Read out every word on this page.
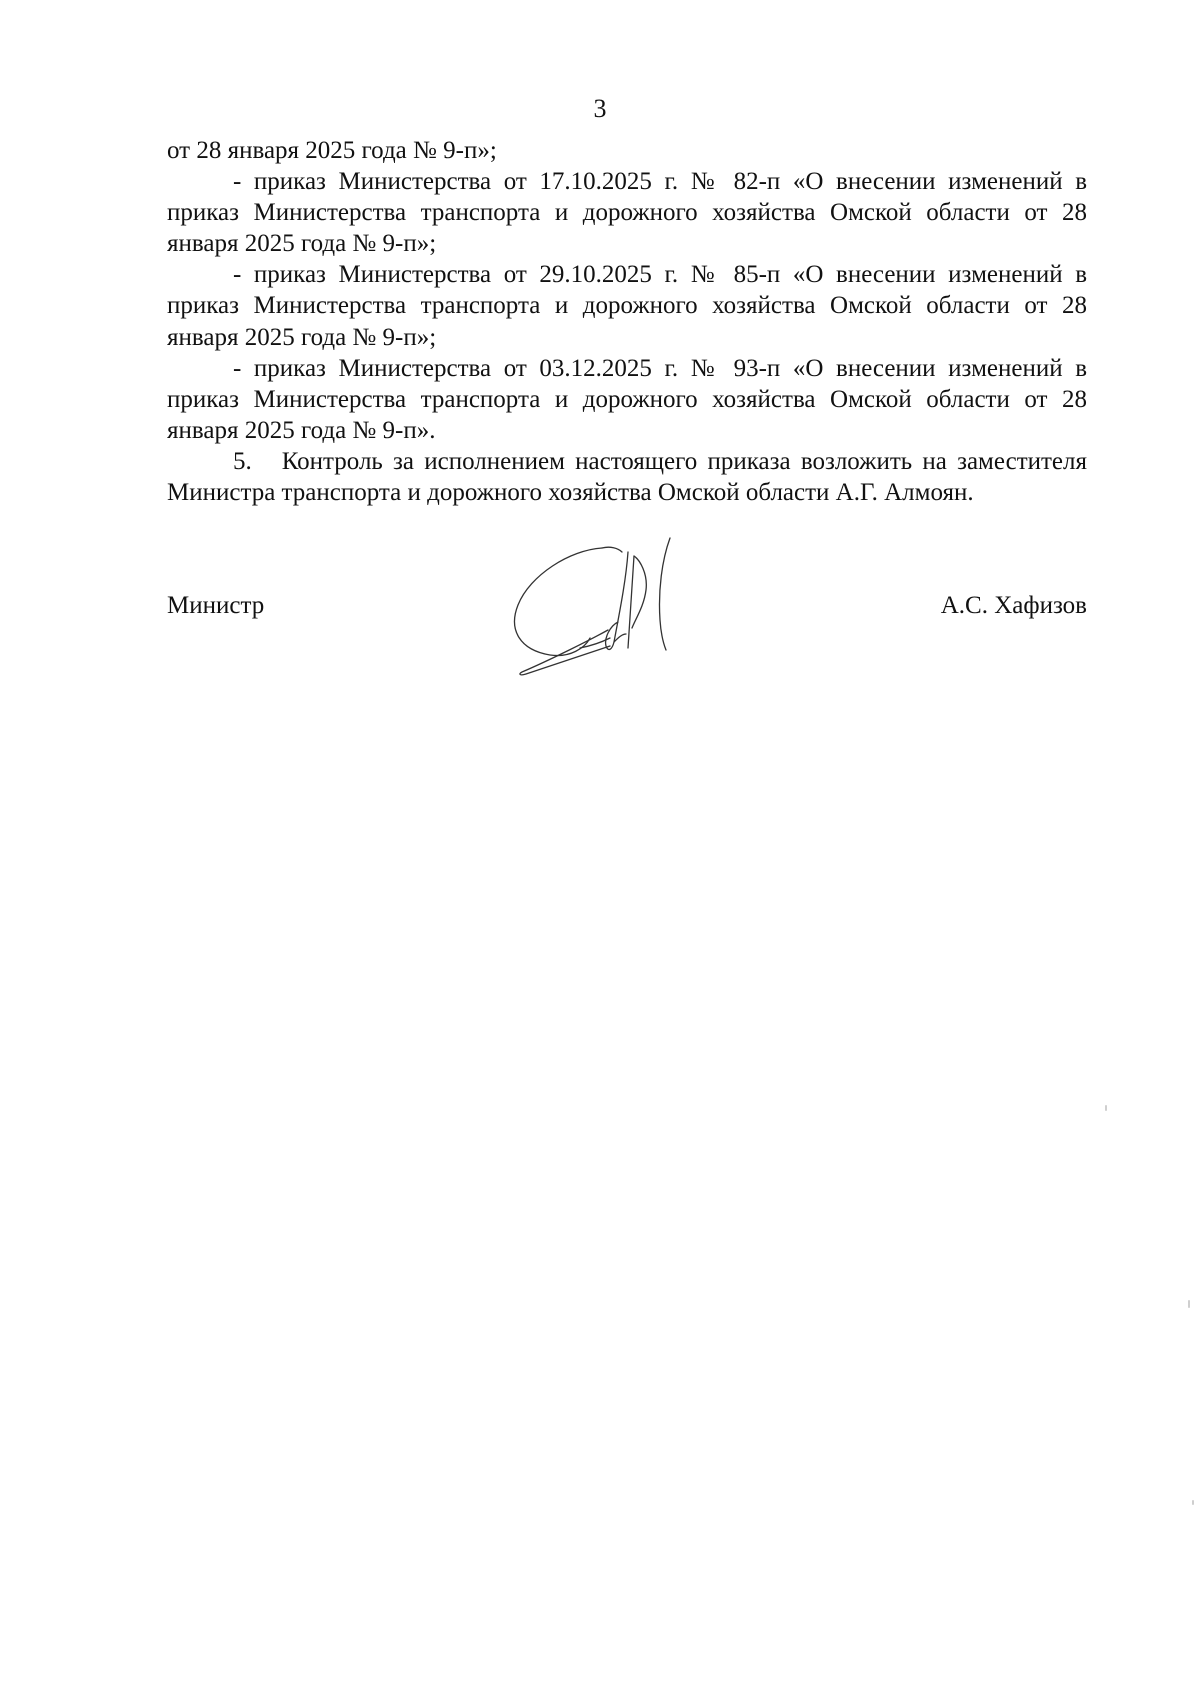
3

от 28 января 2025 года № 9-п»;

- приказ Министерства от 17.10.2025 г. № 82-п «О внесении изменений в приказ Министерства транспорта и дорожного хозяйства Омской области от 28 января 2025 года № 9-п»;

- приказ Министерства от 29.10.2025 г. № 85-п «О внесении изменений в приказ Министерства транспорта и дорожного хозяйства Омской области от 28 января 2025 года № 9-п»;

- приказ Министерства от 03.12.2025 г. № 93-п «О внесении изменений в приказ Министерства транспорта и дорожного хозяйства Омской области от 28 января 2025 года № 9-п».

5. Контроль за исполнением настоящего приказа возложить на заместителя Министра транспорта и дорожного хозяйства Омской области А.Г. Алмоян.

Министр	А.С. Хафизов
